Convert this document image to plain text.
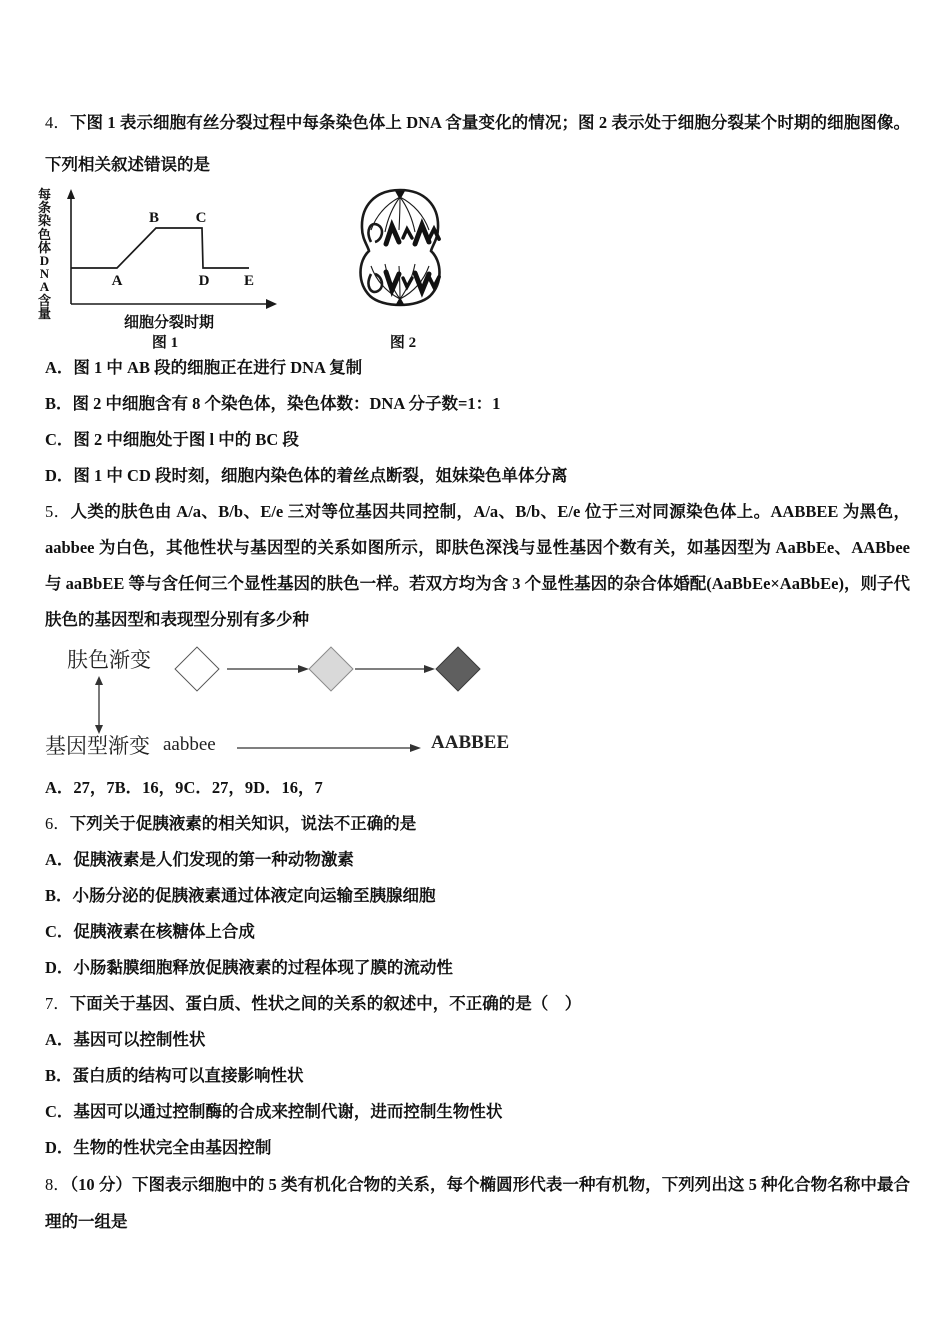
4．下图 1 表示细胞有丝分裂过程中每条染色体上 DNA 含量变化的情况；图 2 表示处于细胞分裂某个时期的细胞图像。下列相关叙述错误的是

每条染色体DNA含量
A
B C
D E
细胞分裂时期
图 1	图 2
A．图 1 中 AB 段的细胞正在进行 DNA 复制
B．图 2 中细胞含有 8 个染色体，染色体数：DNA 分子数=1：1
C．图 2 中细胞处于图 l 中的 BC 段
D．图 1 中 CD 段时刻，细胞内染色体的着丝点断裂，姐妹染色单体分离

5．人类的肤色由 A/a、B/b、E/e 三对等位基因共同控制，A/a、B/b、E/e 位于三对同源染色体上。AABBEE 为黑色，aabbee 为白色，其他性状与基因型的关系如图所示，即肤色深浅与显性基因个数有关，如基因型为 AaBbEe、AABbee 与 aaBbEE 等与含任何三个显性基因的肤色一样。若双方均为含 3 个显性基因的杂合体婚配(AaBbEe×AaBbEe)，则子代肤色的基因型和表现型分别有多少种

肤色渐变
基因型渐变 aabbee	AABBEE
A．27，7B．16，9C．27，9D．16，7

6．下列关于促胰液素的相关知识，说法不正确的是

A．促胰液素是人们发现的第一种动物激素
B．小肠分泌的促胰液素通过体液定向运输至胰腺细胞
C．促胰液素在核糖体上合成
D．小肠黏膜细胞释放促胰液素的过程体现了膜的流动性

7．下面关于基因、蛋白质、性状之间的关系的叙述中，不正确的是（　）

A．基因可以控制性状
B．蛋白质的结构可以直接影响性状
C．基因可以通过控制酶的合成来控制代谢，进而控制生物性状
D．生物的性状完全由基因控制

8．（10 分）下图表示细胞中的 5 类有机化合物的关系，每个椭圆形代表一种有机物，下列列出这 5 种化合物名称中最合理的一组是
